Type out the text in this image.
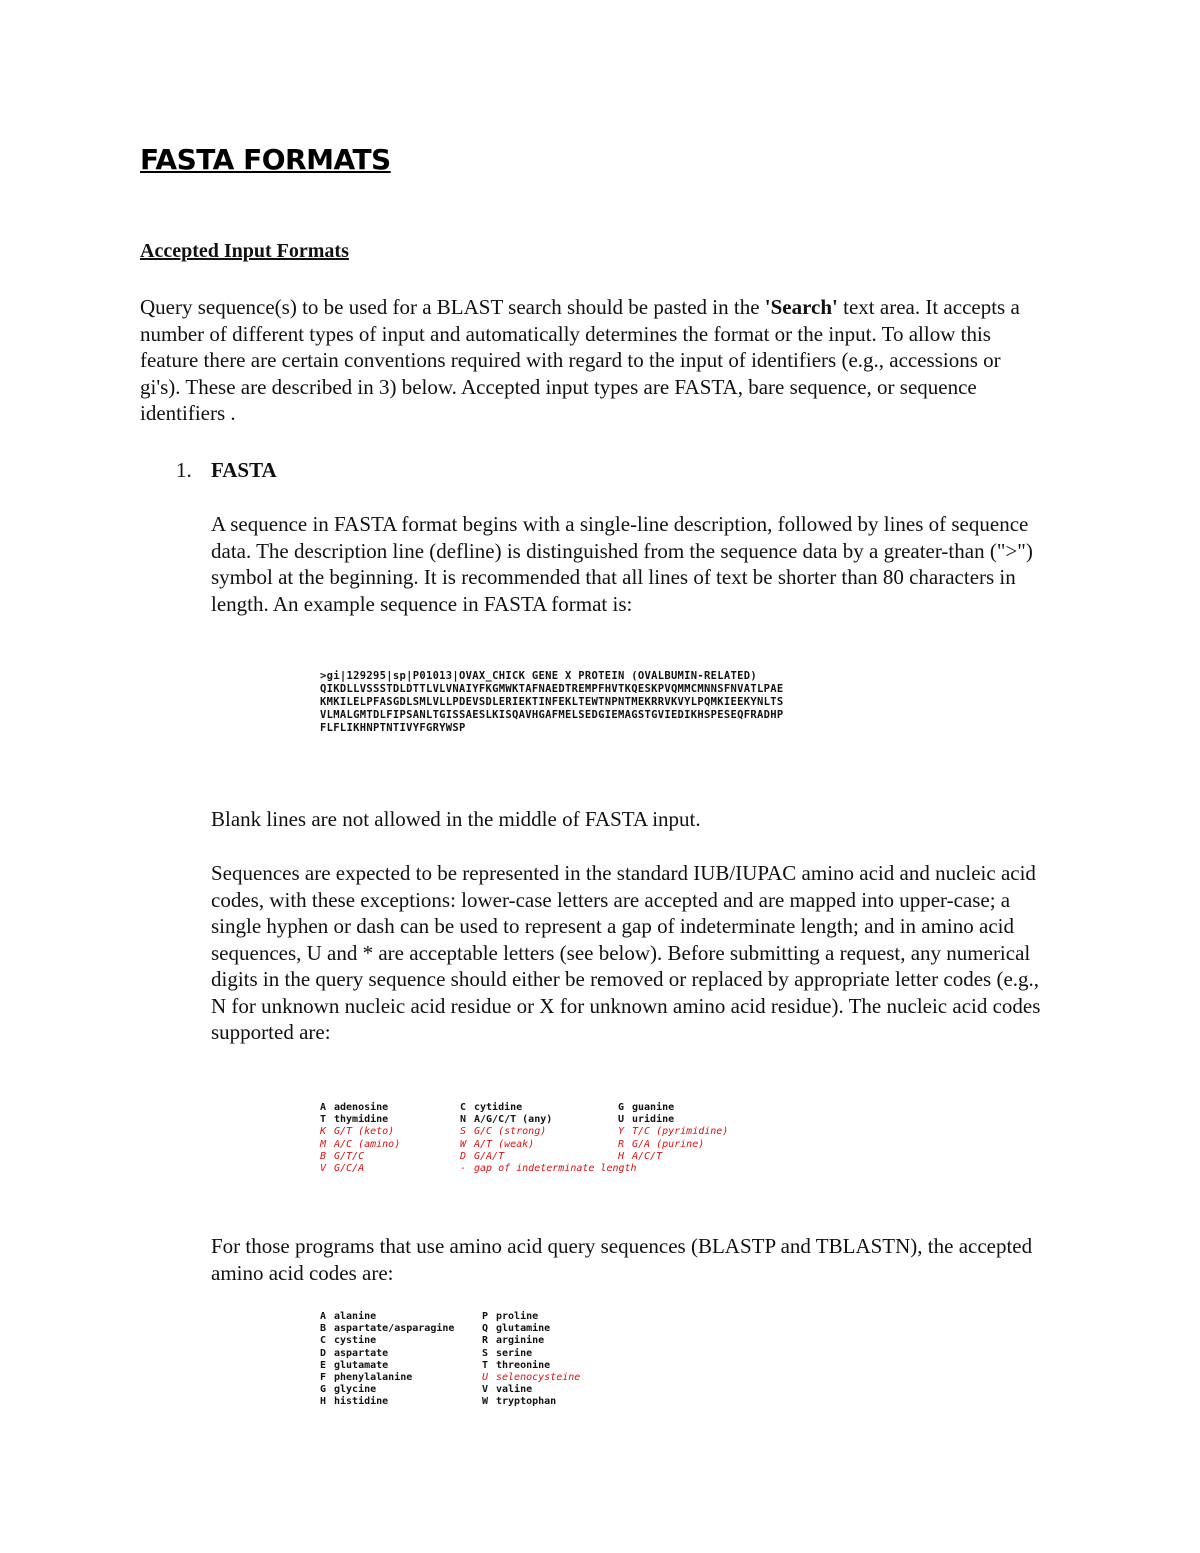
FASTA FORMATS
Accepted Input Formats

Query sequence(s) to be used for a BLAST search should be pasted in the 'Search' text area. It accepts a number of different types of input and automatically determines the format or the input. To allow this feature there are certain conventions required with regard to the input of identifiers (e.g., accessions or gi's). These are described in 3) below. Accepted input types are FASTA, bare sequence, or sequence identifiers .

1. FASTA

A sequence in FASTA format begins with a single-line description, followed by lines of sequence data. The description line (defline) is distinguished from the sequence data by a greater-than (">") symbol at the beginning. It is recommended that all lines of text be shorter than 80 characters in length. An example sequence in FASTA format is:

>gi|129295|sp|P01013|OVAX_CHICK GENE X PROTEIN (OVALBUMIN-RELATED)
QIKDLLVSSSTDLDTTLVLVNAIYFKGMWKTAFNAEDTREMPFHVTKQESKPVQMMCMNNSFNVATLPAE
KMKILELPFASGDLSMLVLLPDEVSDLERIEKTINFEKLTEWTNPNTMEKRRVKVYLPQMKIEEKYNLTS
VLMALGMTDLFIPSANLTGISSAESLKISQAVHGAFMELSEDGIEMAGSTGVIEDIKHSPESEQFRADHP
FLFLIKHNPTNTIVYFGRYWSP

Blank lines are not allowed in the middle of FASTA input.

Sequences are expected to be represented in the standard IUB/IUPAC amino acid and nucleic acid codes, with these exceptions: lower-case letters are accepted and are mapped into upper-case; a single hyphen or dash can be used to represent a gap of indeterminate length; and in amino acid sequences, U and * are acceptable letters (see below). Before submitting a request, any numerical digits in the query sequence should either be removed or replaced by appropriate letter codes (e.g., N for unknown nucleic acid residue or X for unknown amino acid residue). The nucleic acid codes supported are:

A adenosine	C cytidine	G guanine
T thymidine	N A/G/C/T (any)	U uridine
K G/T (keto)	S G/C (strong)	Y T/C (pyrimidine)
M A/C (amino)	W A/T (weak)	R G/A (purine)
B G/T/C	D G/A/T	H A/C/T
V G/C/A	- gap of indeterminate length

For those programs that use amino acid query sequences (BLASTP and TBLASTN), the accepted amino acid codes are:

A alanine	P proline
B aspartate/asparagine	Q glutamine
C cystine	R arginine
D aspartate	S serine
E glutamate	T threonine
F phenylalanine	U selenocysteine
G glycine	V valine
H histidine	W tryptophan
